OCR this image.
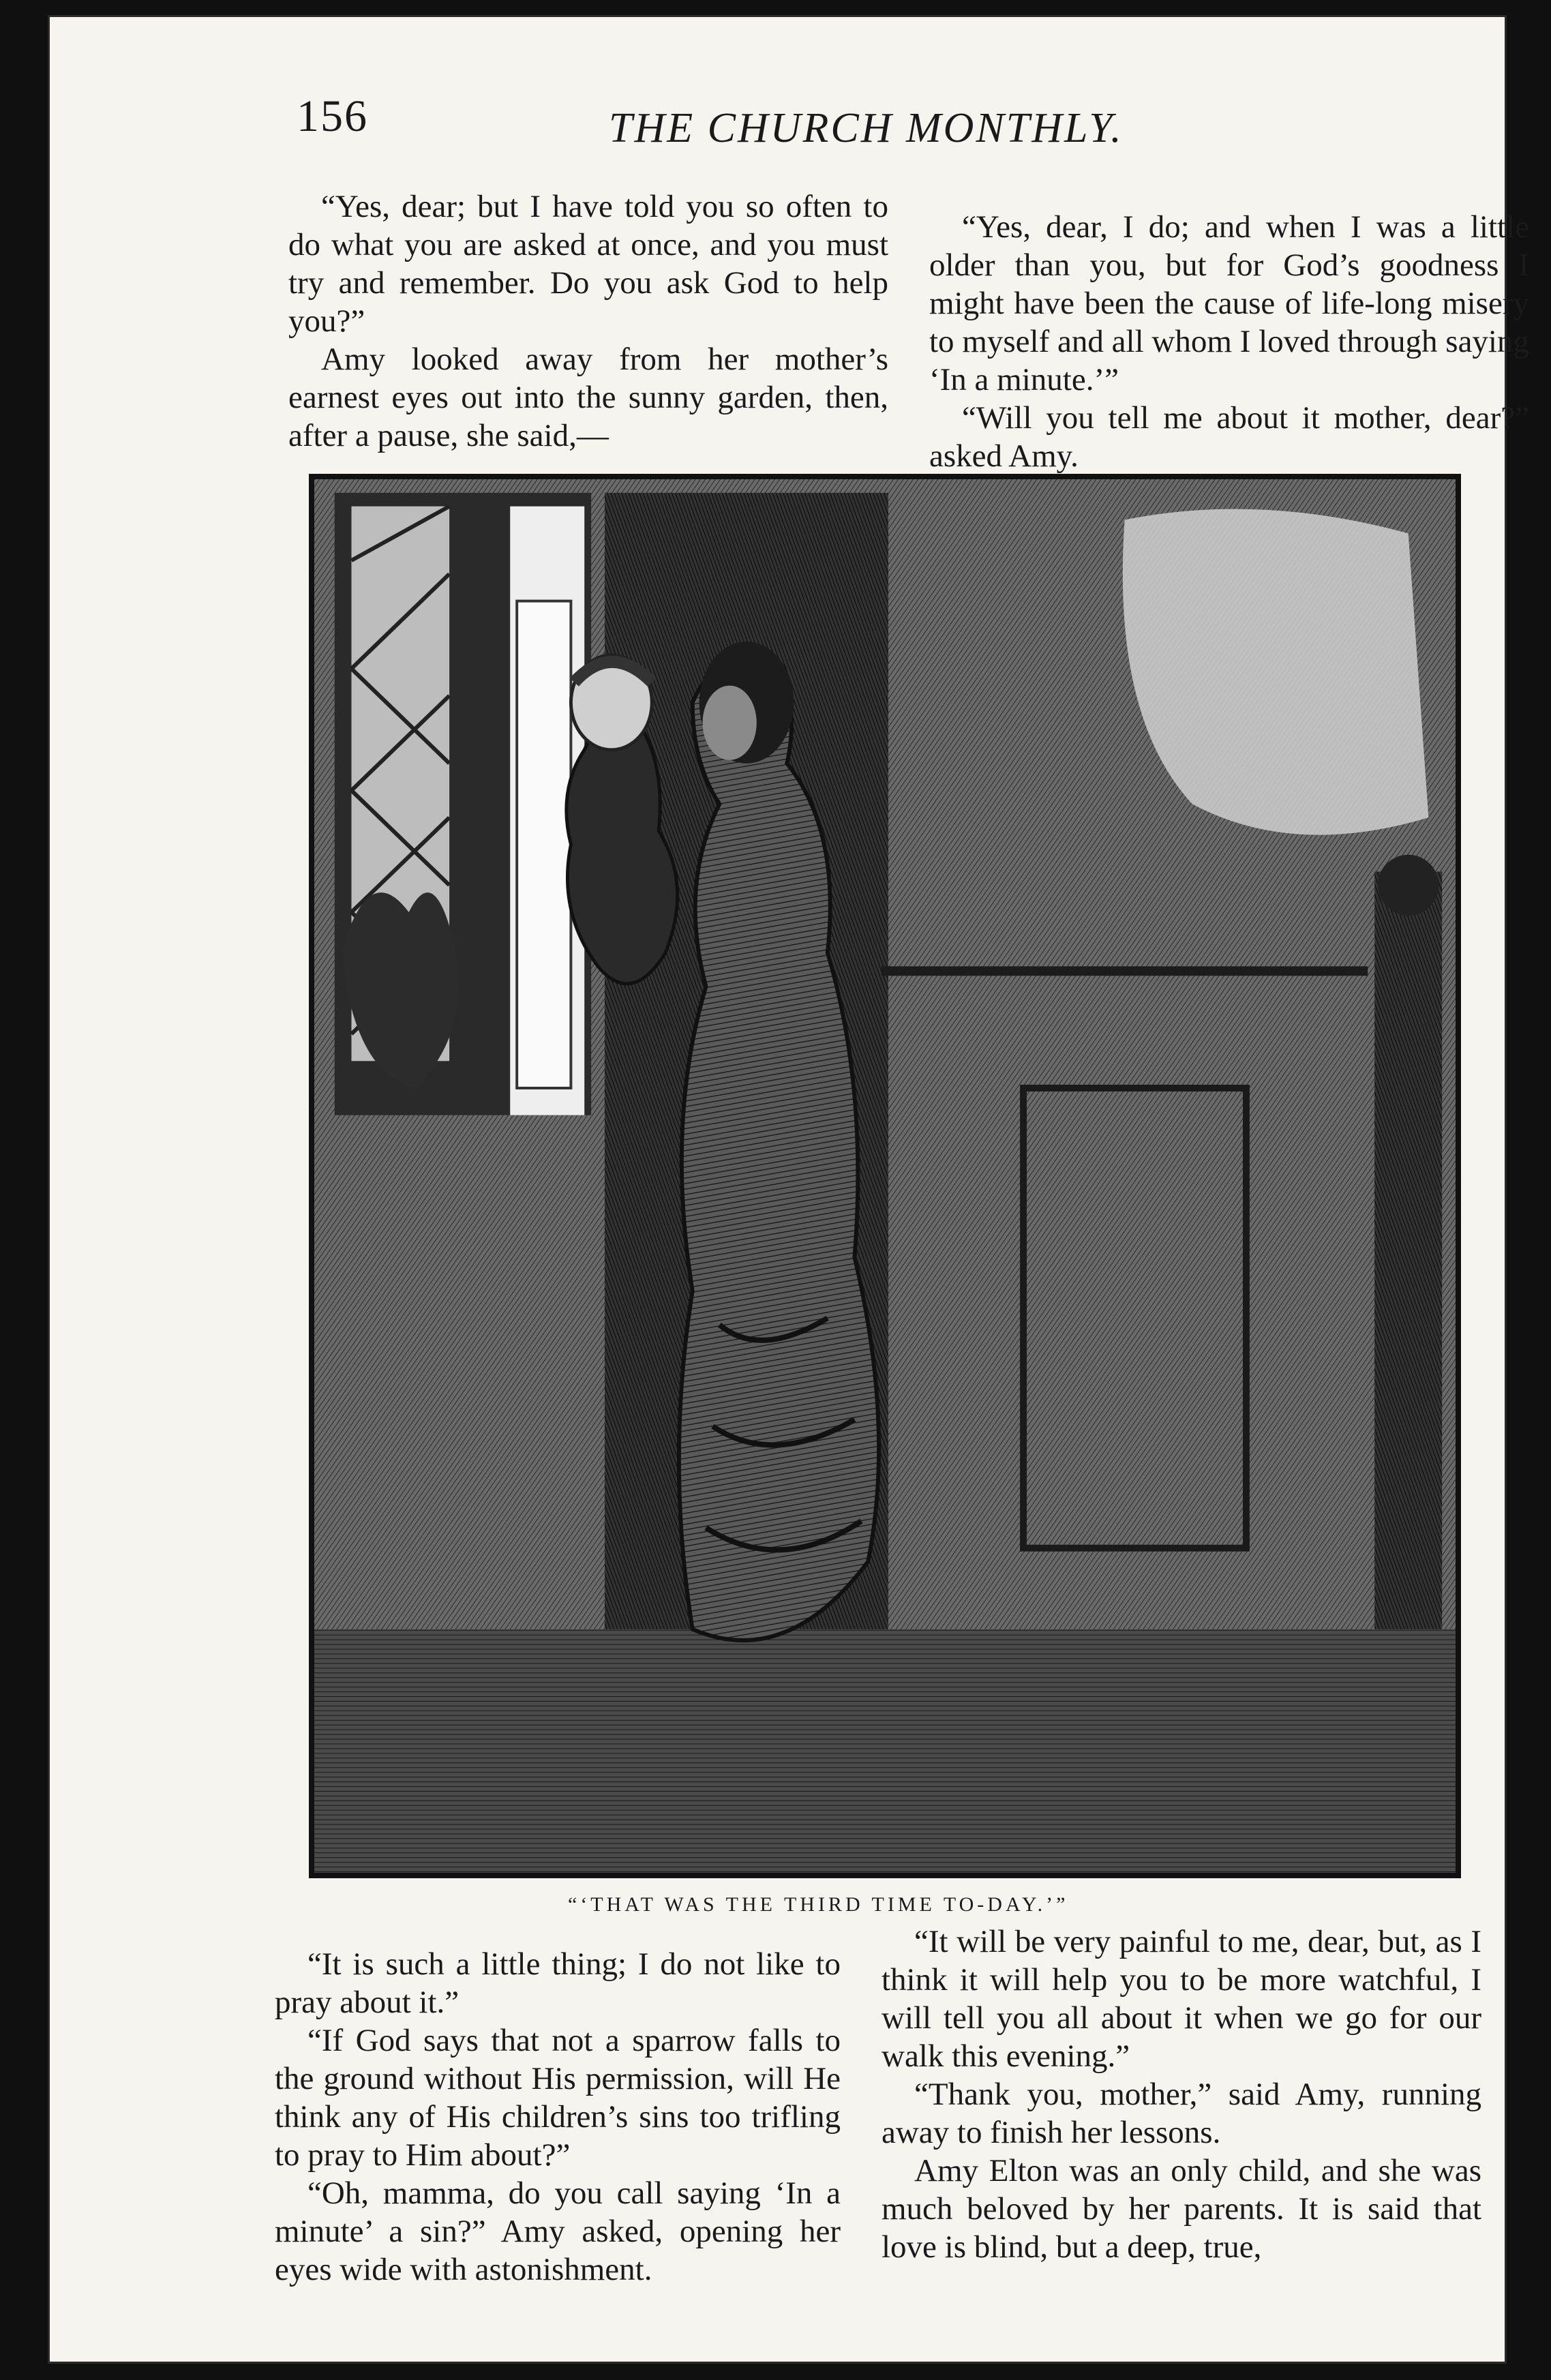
156	THE CHURCH MONTHLY.

“Yes, dear; but I have told you so often to do what you are asked at once, and you must try and remember. Do you ask God to help you?”

Amy looked away from her mother’s earnest eyes out into the sunny garden, then, after a pause, she said,—

“Yes, dear, I do; and when I was a little older than you, but for God’s goodness I might have been the cause of life-long misery to myself and all whom I loved through saying ‘In a minute.’”

“Will you tell me about it mother, dear?” asked Amy.

“‘THAT WAS THE THIRD TIME TO-DAY.’”

“It is such a little thing; I do not like to pray about it.”

“If God says that not a sparrow falls to the ground without His permission, will He think any of His children’s sins too trifling to pray to Him about?”

“Oh, mamma, do you call saying ‘In a minute’ a sin?” Amy asked, opening her eyes wide with astonishment.

“It will be very painful to me, dear, but, as I think it will help you to be more watchful, I will tell you all about it when we go for our walk this evening.”

“Thank you, mother,” said Amy, running away to finish her lessons.

Amy Elton was an only child, and she was much beloved by her parents. It is said that love is blind, but a deep, true,
